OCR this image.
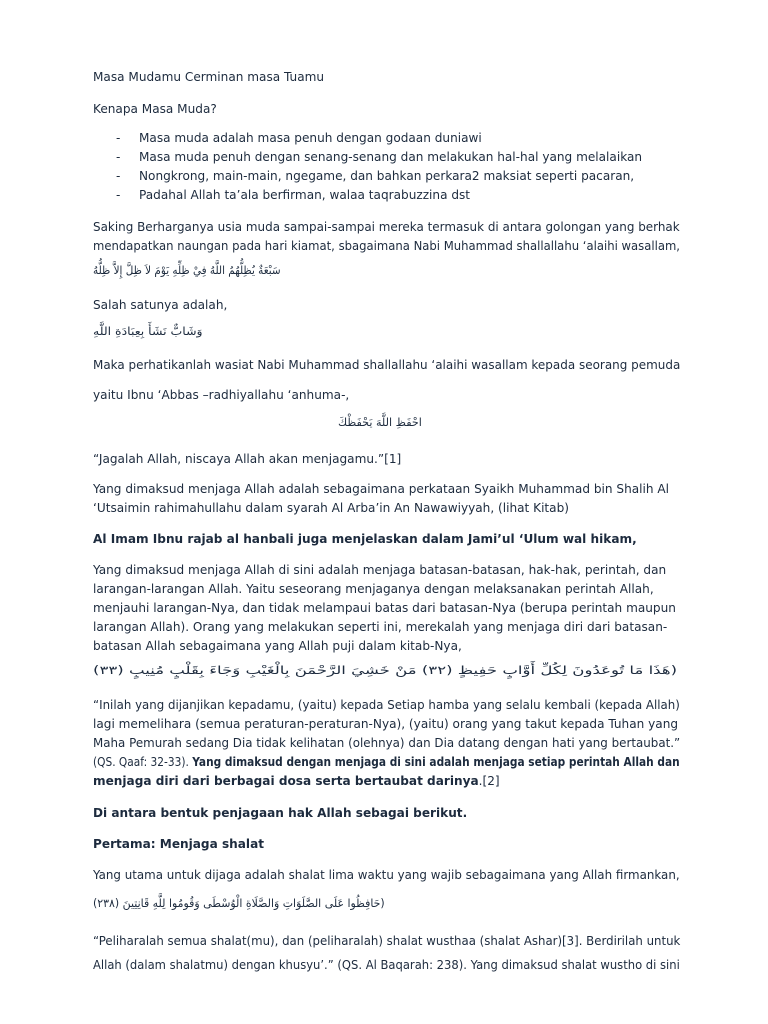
Masa Mudamu Cerminan masa Tuamu

Kenapa Masa Muda?

- Masa muda adalah masa penuh dengan godaan duniawi
- Masa muda penuh dengan senang-senang dan melakukan hal-hal yang melalaikan
- Nongkrong, main-main, ngegame, dan bahkan perkara2 maksiat seperti pacaran,
- Padahal Allah ta’ala berfirman, walaa taqrabuzzina dst

Saking Berharganya usia muda sampai-sampai mereka termasuk di antara golongan yang berhak

mendapatkan naungan pada hari kiamat, sbagaimana Nabi Muhammad shallallahu ‘alaihi wasallam,

سَبْعَةٌ يُظِلُّهُمُ اللَّهُ فِيْ ظِلِّهِ يَوْمَ لاَ ظِلَّ إِلاَّ ظِلُّهُ

Salah satunya adalah,

وَشَابٌّ نَشَأَ بِعِبَادَةِ اللَّهِ

Maka perhatikanlah wasiat Nabi Muhammad shallallahu ‘alaihi wasallam kepada seorang pemuda

yaitu Ibnu ‘Abbas –radhiyallahu ‘anhuma-,

احْفَظِ اللَّهَ يَحْفَظْكَ

“Jagalah Allah, niscaya Allah akan menjagamu.”[1]

Yang dimaksud menjaga Allah adalah sebagaimana perkataan Syaikh Muhammad bin Shalih Al

‘Utsaimin rahimahullahu dalam syarah Al Arba’in An Nawawiyyah, (lihat Kitab)

Al Imam Ibnu rajab al hanbali juga menjelaskan dalam Jami’ul ‘Ulum wal hikam,

Yang dimaksud menjaga Allah di sini adalah menjaga batasan-batasan, hak-hak, perintah, dan

larangan-larangan Allah. Yaitu seseorang menjaganya dengan melaksanakan perintah Allah,

menjauhi larangan-Nya, dan tidak melampaui batas dari batasan-Nya (berupa perintah maupun

larangan Allah). Orang yang melakukan seperti ini, merekalah yang menjaga diri dari batasan-

batasan Allah sebagaimana yang Allah puji dalam kitab-Nya,

(هَذَا مَا تُوعَدُونَ لِكُلِّ أَوَّابٍ حَفِيظٍ (٣٢) مَنْ خَشِيَ الرَّحْمَنَ بِالْغَيْبِ وَجَاءَ بِقَلْبٍ مُنِيبٍ (٣٣)

“Inilah yang dijanjikan kepadamu, (yaitu) kepada Setiap hamba yang selalu kembali (kepada Allah)

lagi memelihara (semua peraturan-peraturan-Nya), (yaitu) orang yang takut kepada Tuhan yang

Maha Pemurah sedang Dia tidak kelihatan (olehnya) dan Dia datang dengan hati yang bertaubat.”

(QS. Qaaf: 32-33). Yang dimaksud dengan menjaga di sini adalah menjaga setiap perintah Allah dan

menjaga diri dari berbagai dosa serta bertaubat darinya.[2]

Di antara bentuk penjagaan hak Allah sebagai berikut.

Pertama: Menjaga shalat

Yang utama untuk dijaga adalah shalat lima waktu yang wajib sebagaimana yang Allah firmankan,

(حَافِظُوا عَلَى الصَّلَوَاتِ وَالصَّلَاةِ الْوُسْطَى وَقُومُوا لِلَّهِ قَانِتِينَ (٢٣٨)

“Peliharalah semua shalat(mu), dan (peliharalah) shalat wusthaa (shalat Ashar)[3]. Berdirilah untuk

Allah (dalam shalatmu) dengan khusyu’.” (QS. Al Baqarah: 238). Yang dimaksud shalat wustho di sini
